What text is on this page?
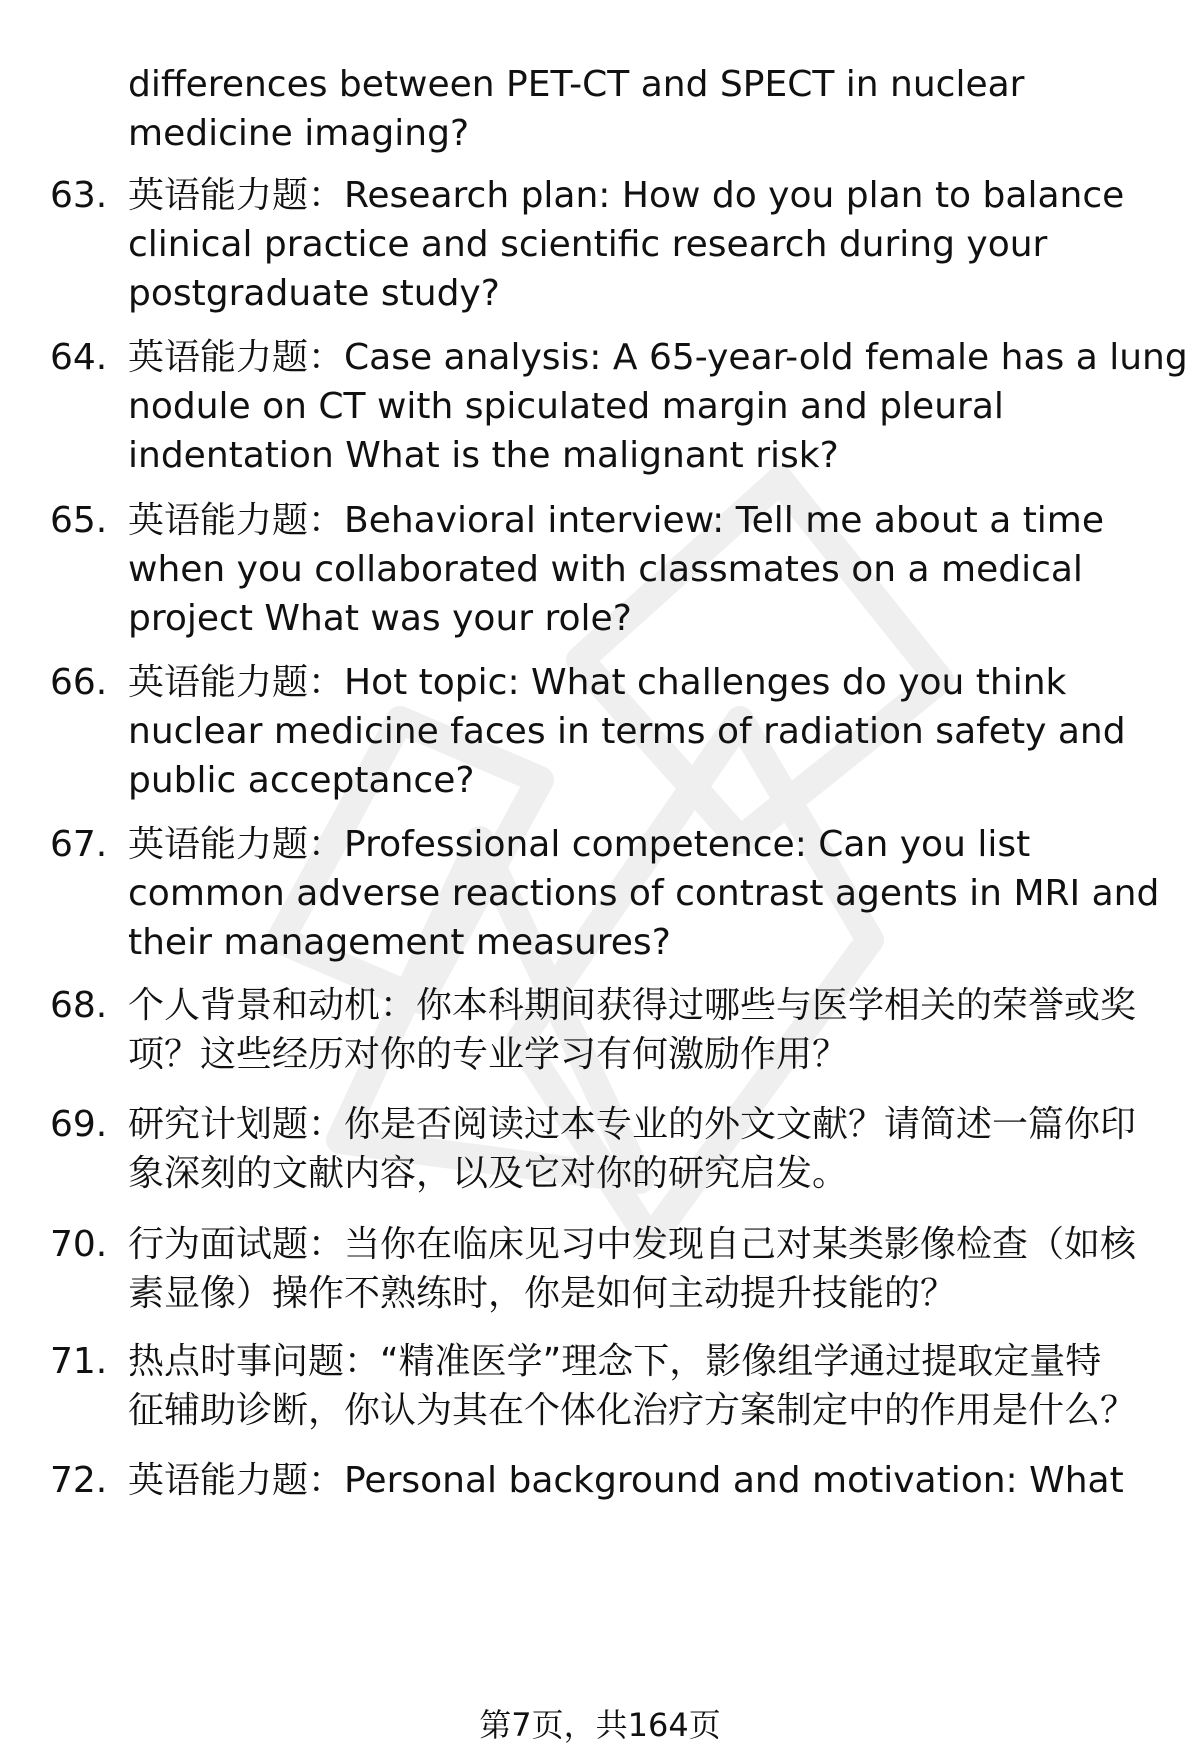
differences between PET-CT and SPECT in nuclear medicine imaging?
63. 英语能力题：Research plan: How do you plan to balance
clinical practice and scientific research during your
postgraduate study?
64. 英语能力题：Case analysis: A 65-year-old female has a lung
nodule on CT with spiculated margin and pleural
indentation What is the malignant risk?
65. 英语能力题：Behavioral interview: Tell me about a time
when you collaborated with classmates on a medical
project What was your role?
66. 英语能力题：Hot topic: What challenges do you think
nuclear medicine faces in terms of radiation safety and
public acceptance?
67. 英语能力题：Professional competence: Can you list
common adverse reactions of contrast agents in MRI and
their management measures?
68. 个人背景和动机：你本科期间获得过哪些与医学相关的荣誉或奖
项？这些经历对你的专业学习有何激励作用？
69. 研究计划题：你是否阅读过本专业的外文文献？请简述一篇你印
象深刻的文献内容，以及它对你的研究启发。
70. 行为面试题：当你在临床见习中发现自己对某类影像检查（如核
素显像）操作不熟练时，你是如何主动提升技能的？
71. 热点时事问题：“精准医学”理念下，影像组学通过提取定量特
征辅助诊断，你认为其在个体化治疗方案制定中的作用是什么？
72. 英语能力题：Personal background and motivation: What
第7页，共164页
